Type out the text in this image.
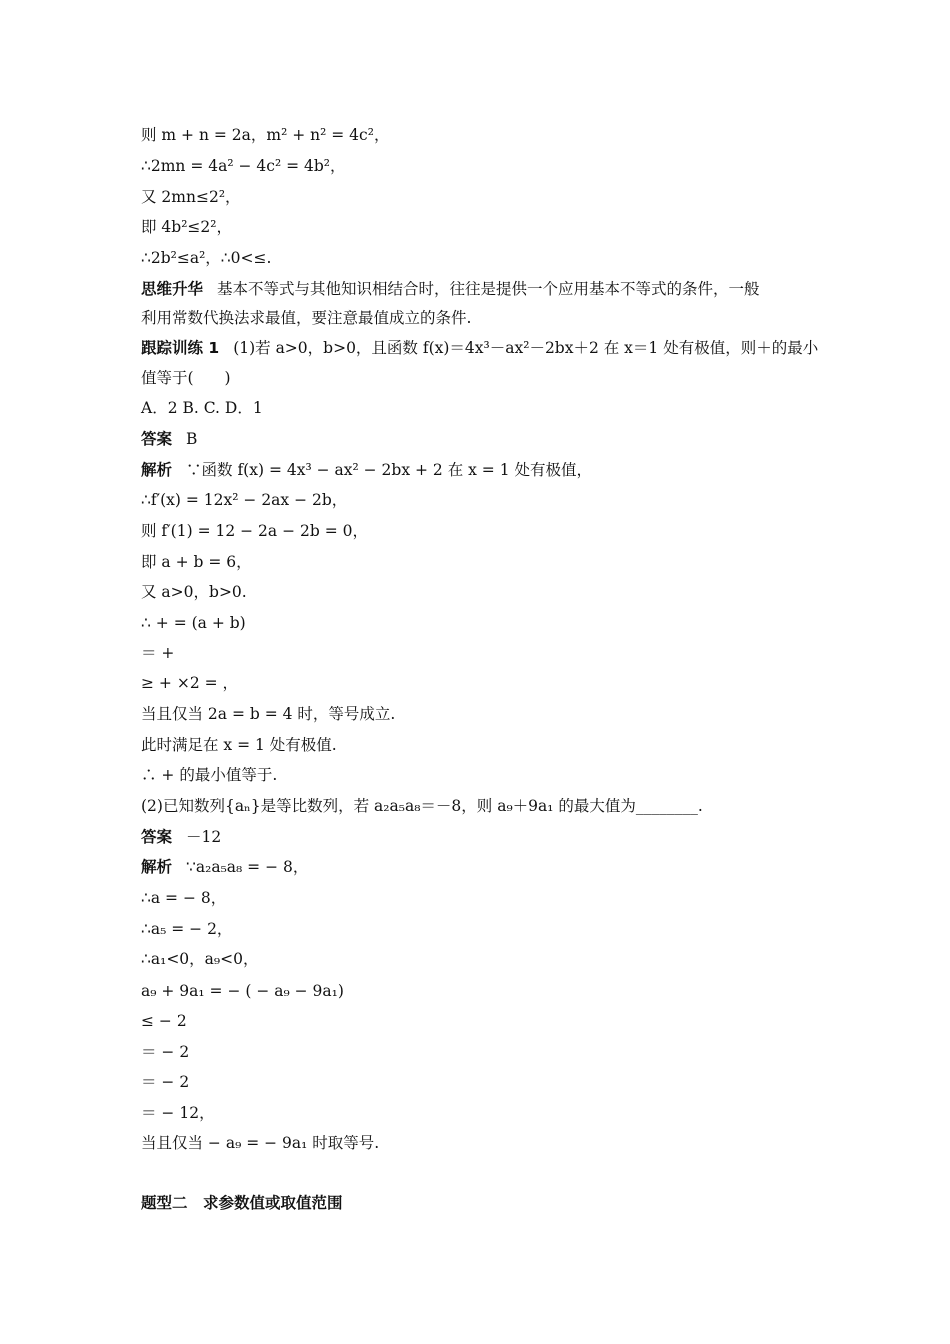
则 m + n = 2a，m² + n² = 4c²，
∴2mn = 4a² − 4c² = 4b²，
又 2mn≤2²，
即 4b²≤2²，
∴2b²≤a²，∴0<≤.
思维升华 基本不等式与其他知识相结合时，往往是提供一个应用基本不等式的条件，一般
利用常数代换法求最值，要注意最值成立的条件.
跟踪训练 1 (1)若 a>0，b>0，且函数 f(x)＝4x³－ax²－2bx＋2 在 x＝1 处有极值，则＋的最小
值等于(　　)
A．2 B. C. D．1
答案 B
解析 ∵函数 f(x) = 4x³ − ax² − 2bx + 2 在 x = 1 处有极值，
∴f′(x) = 12x² − 2ax − 2b，
则 f′(1) = 12 − 2a − 2b = 0，
即 a + b = 6，
又 a>0，b>0.
∴ + = (a + b)
＝ +
≥ + ×2 = ，
当且仅当 2a = b = 4 时，等号成立.
此时满足在 x = 1 处有极值.
∴ + 的最小值等于.
(2)已知数列{aₙ}是等比数列，若 a₂a₅a₈＝－8，则 a₉＋9a₁ 的最大值为________.
答案 －12
解析 ∵a₂a₅a₈ = − 8，
∴a = − 8，
∴a₅ = − 2，
∴a₁<0，a₉<0，
a₉ + 9a₁ = − ( − a₉ − 9a₁)
≤ − 2
＝ − 2
＝ − 2
＝ − 12，
当且仅当 − a₉ = − 9a₁ 时取等号.
题型二　求参数值或取值范围
